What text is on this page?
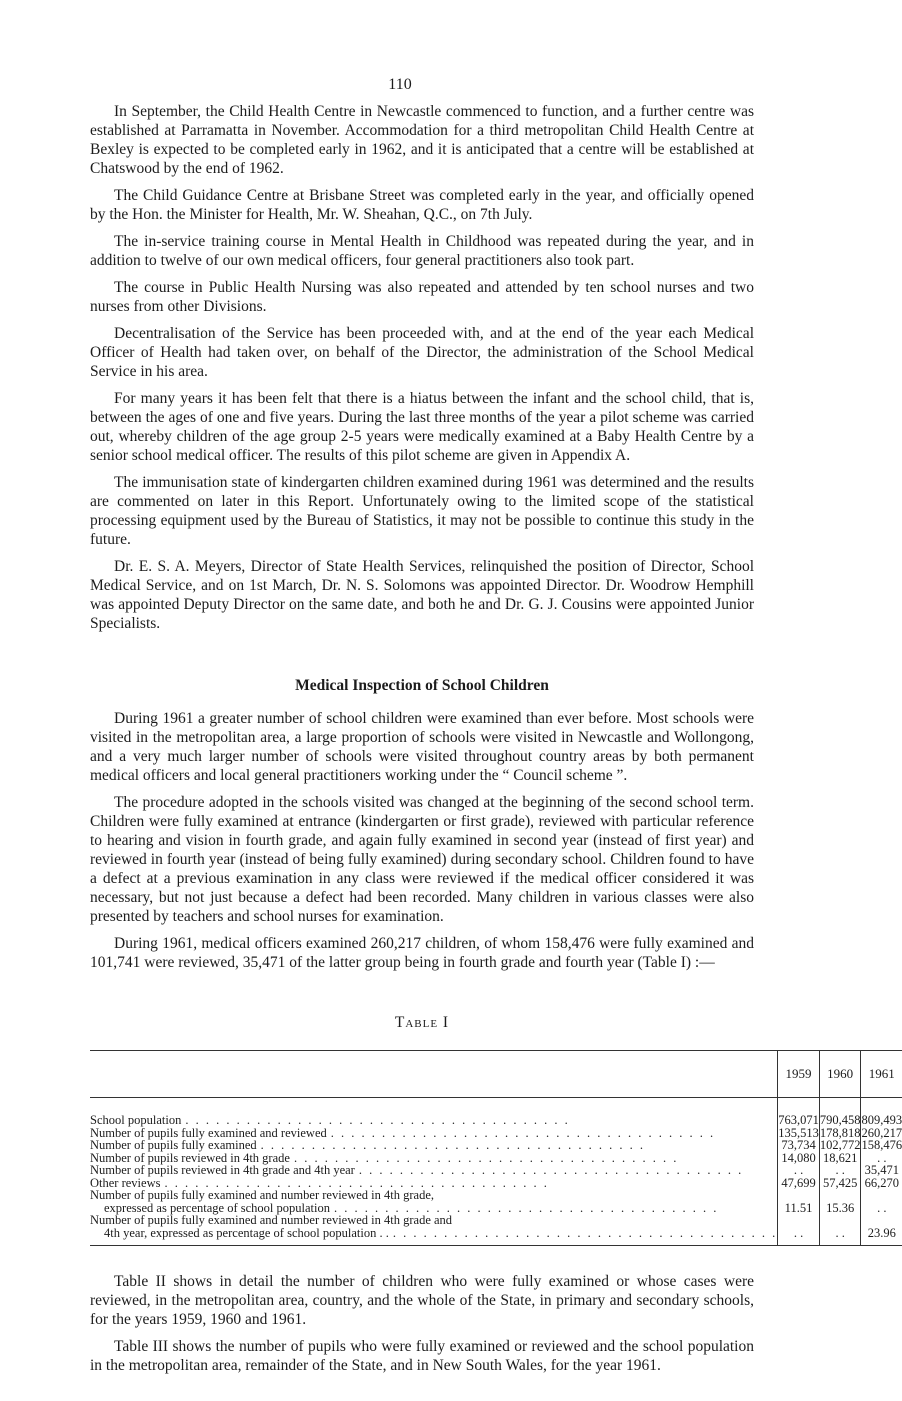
110

In September, the Child Health Centre in Newcastle commenced to function, and a further centre was established at Parramatta in November. Accommodation for a third metropolitan Child Health Centre at Bexley is expected to be completed early in 1962, and it is anticipated that a centre will be established at Chatswood by the end of 1962.

The Child Guidance Centre at Brisbane Street was completed early in the year, and officially opened by the Hon. the Minister for Health, Mr. W. Sheahan, Q.C., on 7th July.

The in-service training course in Mental Health in Childhood was repeated during the year, and in addition to twelve of our own medical officers, four general practitioners also took part.

The course in Public Health Nursing was also repeated and attended by ten school nurses and two nurses from other Divisions.

Decentralisation of the Service has been proceeded with, and at the end of the year each Medical Officer of Health had taken over, on behalf of the Director, the administration of the School Medical Service in his area.

For many years it has been felt that there is a hiatus between the infant and the school child, that is, between the ages of one and five years. During the last three months of the year a pilot scheme was carried out, whereby children of the age group 2-5 years were medically examined at a Baby Health Centre by a senior school medical officer. The results of this pilot scheme are given in Appendix A.

The immunisation state of kindergarten children examined during 1961 was determined and the results are commented on later in this Report. Unfortunately owing to the limited scope of the statistical processing equipment used by the Bureau of Statistics, it may not be possible to continue this study in the future.

Dr. E. S. A. Meyers, Director of State Health Services, relinquished the position of Director, School Medical Service, and on 1st March, Dr. N. S. Solomons was appointed Director. Dr. Woodrow Hemphill was appointed Deputy Director on the same date, and both he and Dr. G. J. Cousins were appointed Junior Specialists.

Medical Inspection of School Children

During 1961 a greater number of school children were examined than ever before. Most schools were visited in the metropolitan area, a large proportion of schools were visited in Newcastle and Wollongong, and a very much larger number of schools were visited throughout country areas by both permanent medical officers and local general practitioners working under the “ Council scheme ”.

The procedure adopted in the schools visited was changed at the beginning of the second school term. Children were fully examined at entrance (kindergarten or first grade), reviewed with particular reference to hearing and vision in fourth grade, and again fully examined in second year (instead of first year) and reviewed in fourth year (instead of being fully examined) during secondary school. Children found to have a defect at a previous examination in any class were reviewed if the medical officer considered it was necessary, but not just because a defect had been recorded. Many children in various classes were also presented by teachers and school nurses for examination.

During 1961, medical officers examined 260,217 children, of whom 158,476 were fully examined and 101,741 were reviewed, 35,471 of the latter group being in fourth grade and fourth year (Table I) :—

Table I
	1959	1960	1961

School population
. . .	763,071	790,458	809,493

Number of pupils fully examined and reviewed
. . .	135,513	178,818	260,217

Number of pupils fully examined
. . .	73,734	102,772	158,476

Number of pupils reviewed in 4th grade
. . .	14,080	18,621	. .

Number of pupils reviewed in 4th grade and 4th year
. . .	. .	. .	35,471

Other reviews
. . .	47,699	57,425	66,270

Number of pupils fully examined and number reviewed in 4th grade,
expressed as percentage of school population
. . .	11.51	15.36	. .

Number of pupils fully examined and number reviewed in 4th grade and
4th year, expressed as percentage of school population . .
. . .	. .	. .	23.96

Table II shows in detail the number of children who were fully examined or whose cases were reviewed, in the metropolitan area, country, and the whole of the State, in primary and secondary schools, for the years 1959, 1960 and 1961.

Table III shows the number of pupils who were fully examined or reviewed and the school population in the metropolitan area, remainder of the State, and in New South Wales, for the year 1961.
